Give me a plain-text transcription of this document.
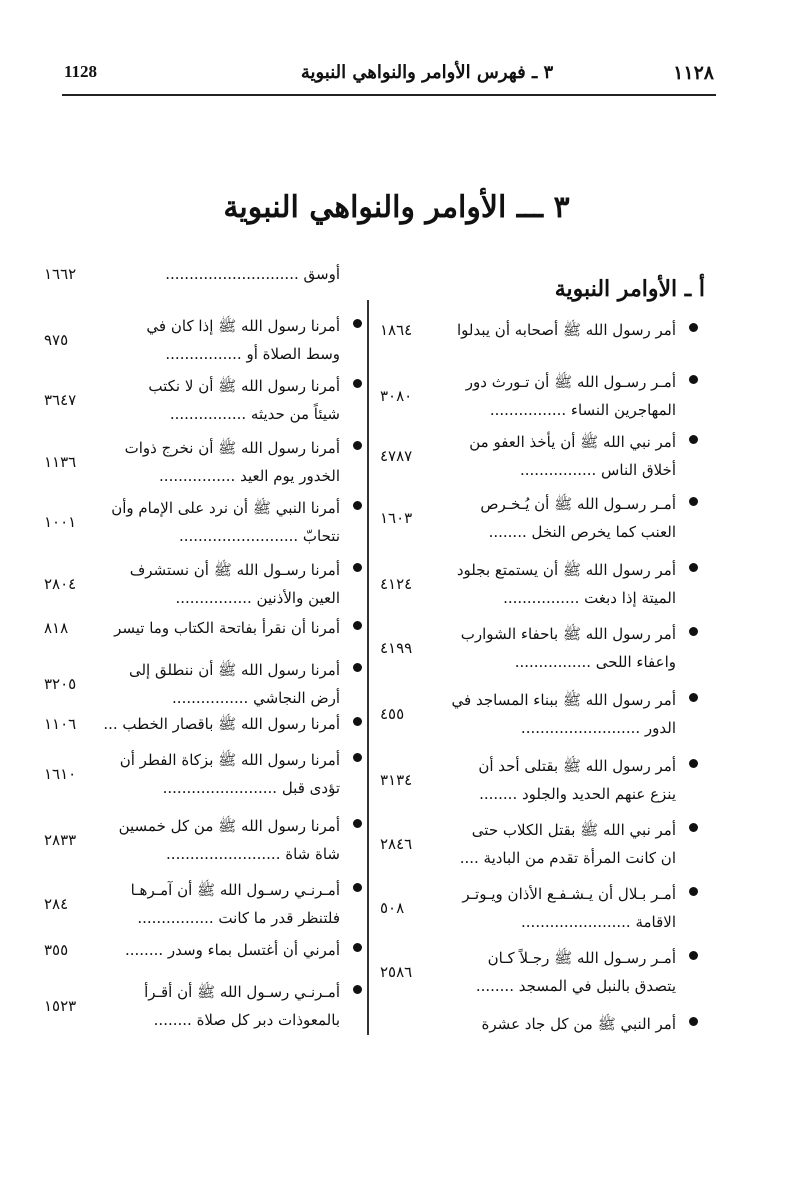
1128	٣ ـ فهرس الأوامر والنواهي النبوية	١١٢٨
٣ ـــ الأوامر والنواهي النبوية
أ ـ الأوامر النبوية
أمر رسول الله ﷺ أصحابه أن يبدلوا
١٨٦٤
أمـر رسـول الله ﷺ أن تـورث دور
المهاجرين النساء ................
٣٠٨٠
أمر نبي الله ﷺ أن يأخذ العفو من
أخلاق الناس ................
٤٧٨٧
أمـر رسـول الله ﷺ أن يُـخـرص
العنب كما يخرص النخل ........
١٦٠٣
أمر رسول الله ﷺ أن يستمتع بجلود
الميتة إذا دبغت ................
٤١٢٤
أمر رسول الله ﷺ باحفاء الشوارب
واعفاء اللحى ................
٤١٩٩
أمر رسول الله ﷺ ببناء المساجد في
الدور .........................
٤٥٥
أمر رسول الله ﷺ بقتلى أحد أن
ينزع عنهم الحديد والجلود ........
٣١٣٤
أمر نبي الله ﷺ بقتل الكلاب حتى
ان كانت المرأة تقدم من البادية ....
٢٨٤٦
أمـر بـلال أن يـشـفـع الأذان ويـوتـر
الاقامة .......................
٥٠٨
أمـر رسـول الله ﷺ رجـلاً كـان
يتصدق بالنبل في المسجد ........
٢٥٨٦
أمر النبي ﷺ من كل جاد عشرة
أوسق ............................
١٦٦٢
أمرنا رسول الله ﷺ إذا كان في
وسط الصلاة أو ................
٩٧٥
أمرنا رسول الله ﷺ أن لا نكتب
شيئاً من حديثه ................
٣٦٤٧
أمرنا رسول الله ﷺ أن نخرج ذوات
الخدور يوم العيد ................
١١٣٦
أمرنا النبي ﷺ أن نرد على الإمام وأن
نتحابّ .........................
١٠٠١
أمرنا رسـول الله ﷺ أن نستشرف
العين والأذنين ................
٢٨٠٤
أمرنا أن نقرأ بفاتحة الكتاب وما تيسر
٨١٨
أمرنا رسول الله ﷺ أن ننطلق إلى
أرض النجاشي ................
٣٢٠٥
أمرنا رسول الله ﷺ باقصار الخطب ...
١١٠٦
أمرنا رسول الله ﷺ بزكاة الفطر أن
تؤدى قبل ........................
١٦١٠
أمرنا رسول الله ﷺ من كل خمسين
شاة شاة ........................
٢٨٣٣
أمـرنـي رسـول الله ﷺ أن آمـرهـا
فلتنظر قدر ما كانت ................
٢٨٤
أمرني أن أغتسل بماء وسدر ........
٣٥٥
أمـرنـي رسـول الله ﷺ أن أقـرأ
بالمعوذات دبر كل صلاة ........
١٥٢٣
